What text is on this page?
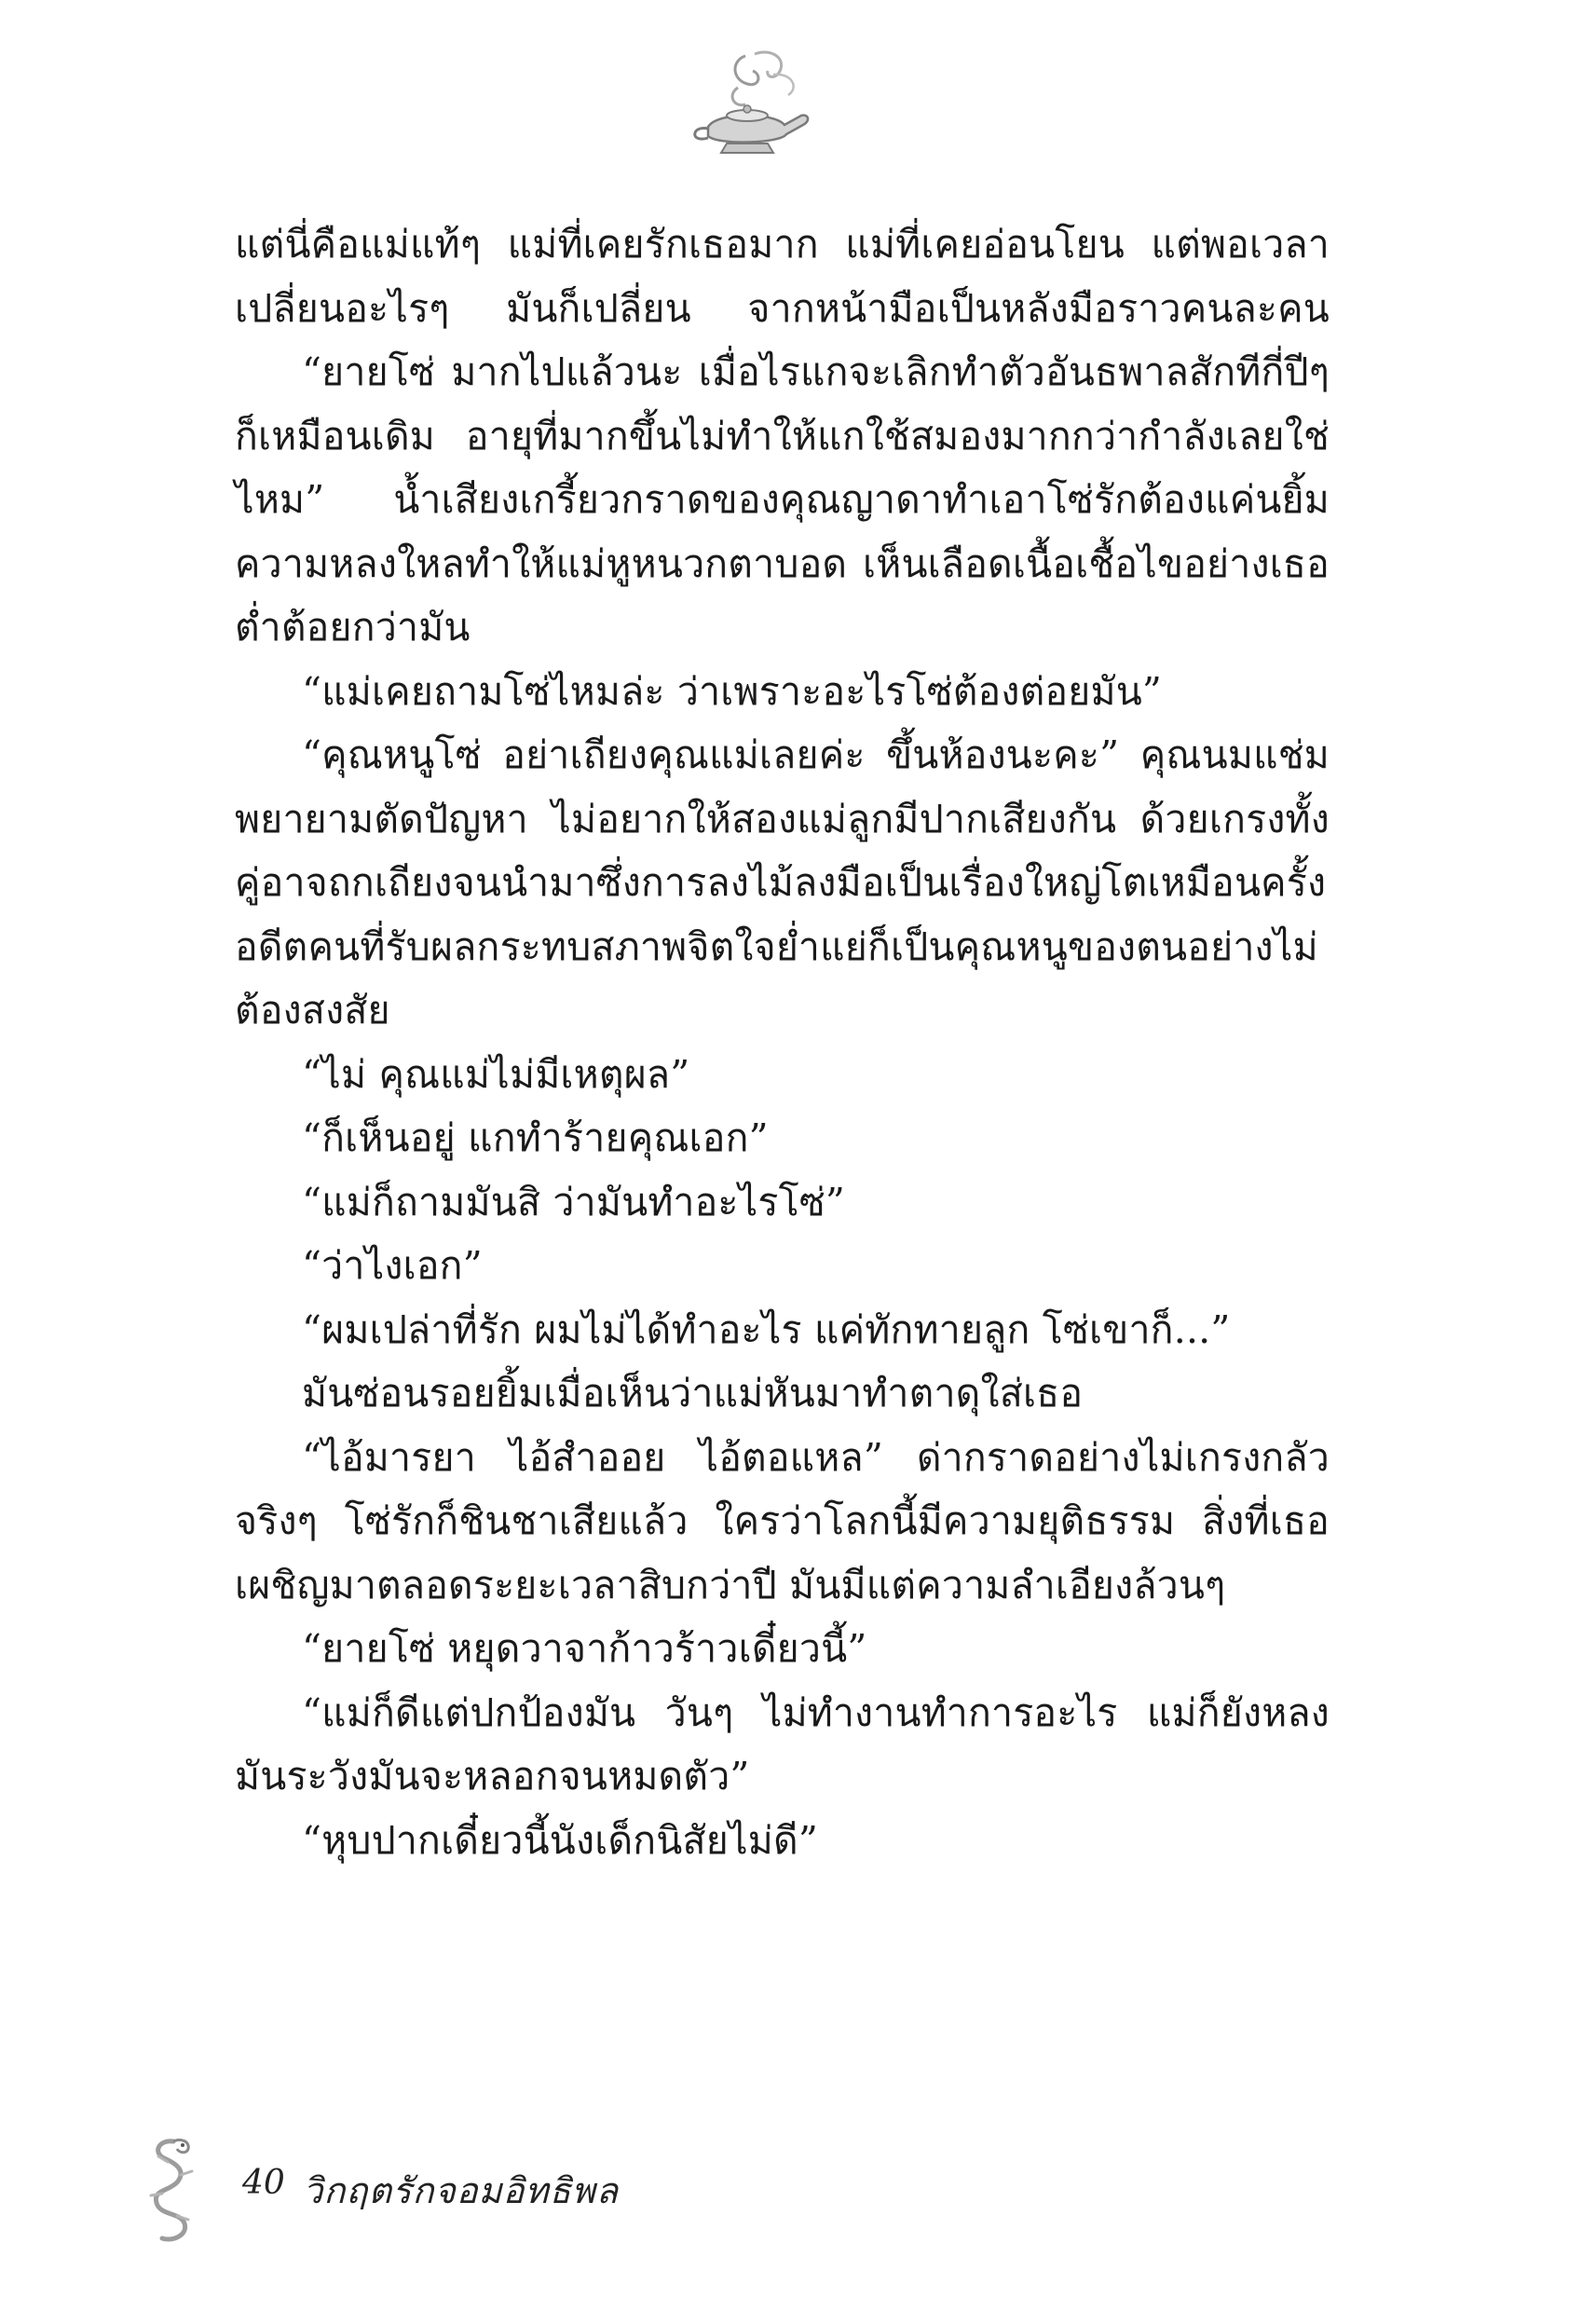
แต่นี่คือแม่แท้ๆ แม่ที่เคยรักเธอมาก แม่ที่เคยอ่อนโยน แต่พอเวลาเปลี่ยนอะไรๆ มันก็เปลี่ยน จากหน้ามือเป็นหลังมือราวคนละคน

“ยายโซ่ มากไปแล้วนะ เมื่อไรแกจะเลิกทำตัวอันธพาลสักทีกี่ปีๆ ก็เหมือนเดิม อายุที่มากขึ้นไม่ทำให้แกใช้สมองมากกว่ากำลังเลยใช่ไหม” น้ำเสียงเกรี้ยวกราดของคุณญาดาทำเอาโซ่รักต้องแค่นยิ้มความหลงใหลทำให้แม่หูหนวกตาบอด เห็นเลือดเนื้อเชื้อไขอย่างเธอต่ำต้อยกว่ามัน

“แม่เคยถามโซ่ไหมล่ะ ว่าเพราะอะไรโซ่ต้องต่อยมัน”

“คุณหนูโซ่ อย่าเถียงคุณแม่เลยค่ะ ขึ้นห้องนะคะ” คุณนมแช่มพยายามตัดปัญหา ไม่อยากให้สองแม่ลูกมีปากเสียงกัน ด้วยเกรงทั้งคู่อาจถกเถียงจนนำมาซึ่งการลงไม้ลงมือเป็นเรื่องใหญ่โตเหมือนครั้งอดีตคนที่รับผลกระทบสภาพจิตใจย่ำแย่ก็เป็นคุณหนูของตนอย่างไม่ต้องสงสัย

“ไม่ คุณแม่ไม่มีเหตุผล”

“ก็เห็นอยู่ แกทำร้ายคุณเอก”

“แม่ก็ถามมันสิ ว่ามันทำอะไรโซ่”

“ว่าไงเอก”

“ผมเปล่าที่รัก ผมไม่ได้ทำอะไร แค่ทักทายลูก โซ่เขาก็...”

มันซ่อนรอยยิ้มเมื่อเห็นว่าแม่หันมาทำตาดุใส่เธอ

“ไอ้มารยา ไอ้สำออย ไอ้ตอแหล” ด่ากราดอย่างไม่เกรงกลัวจริงๆ โซ่รักก็ชินชาเสียแล้ว ใครว่าโลกนี้มีความยุติธรรม สิ่งที่เธอเผชิญมาตลอดระยะเวลาสิบกว่าปี มันมีแต่ความลำเอียงล้วนๆ

“ยายโซ่ หยุดวาจาก้าวร้าวเดี๋ยวนี้”

“แม่ก็ดีแต่ปกป้องมัน วันๆ ไม่ทำงานทำการอะไร แม่ก็ยังหลงมันระวังมันจะหลอกจนหมดตัว”

“หุบปากเดี๋ยวนี้นังเด็กนิสัยไม่ดี”

40 วิกฤตรักจอมอิทธิพล
